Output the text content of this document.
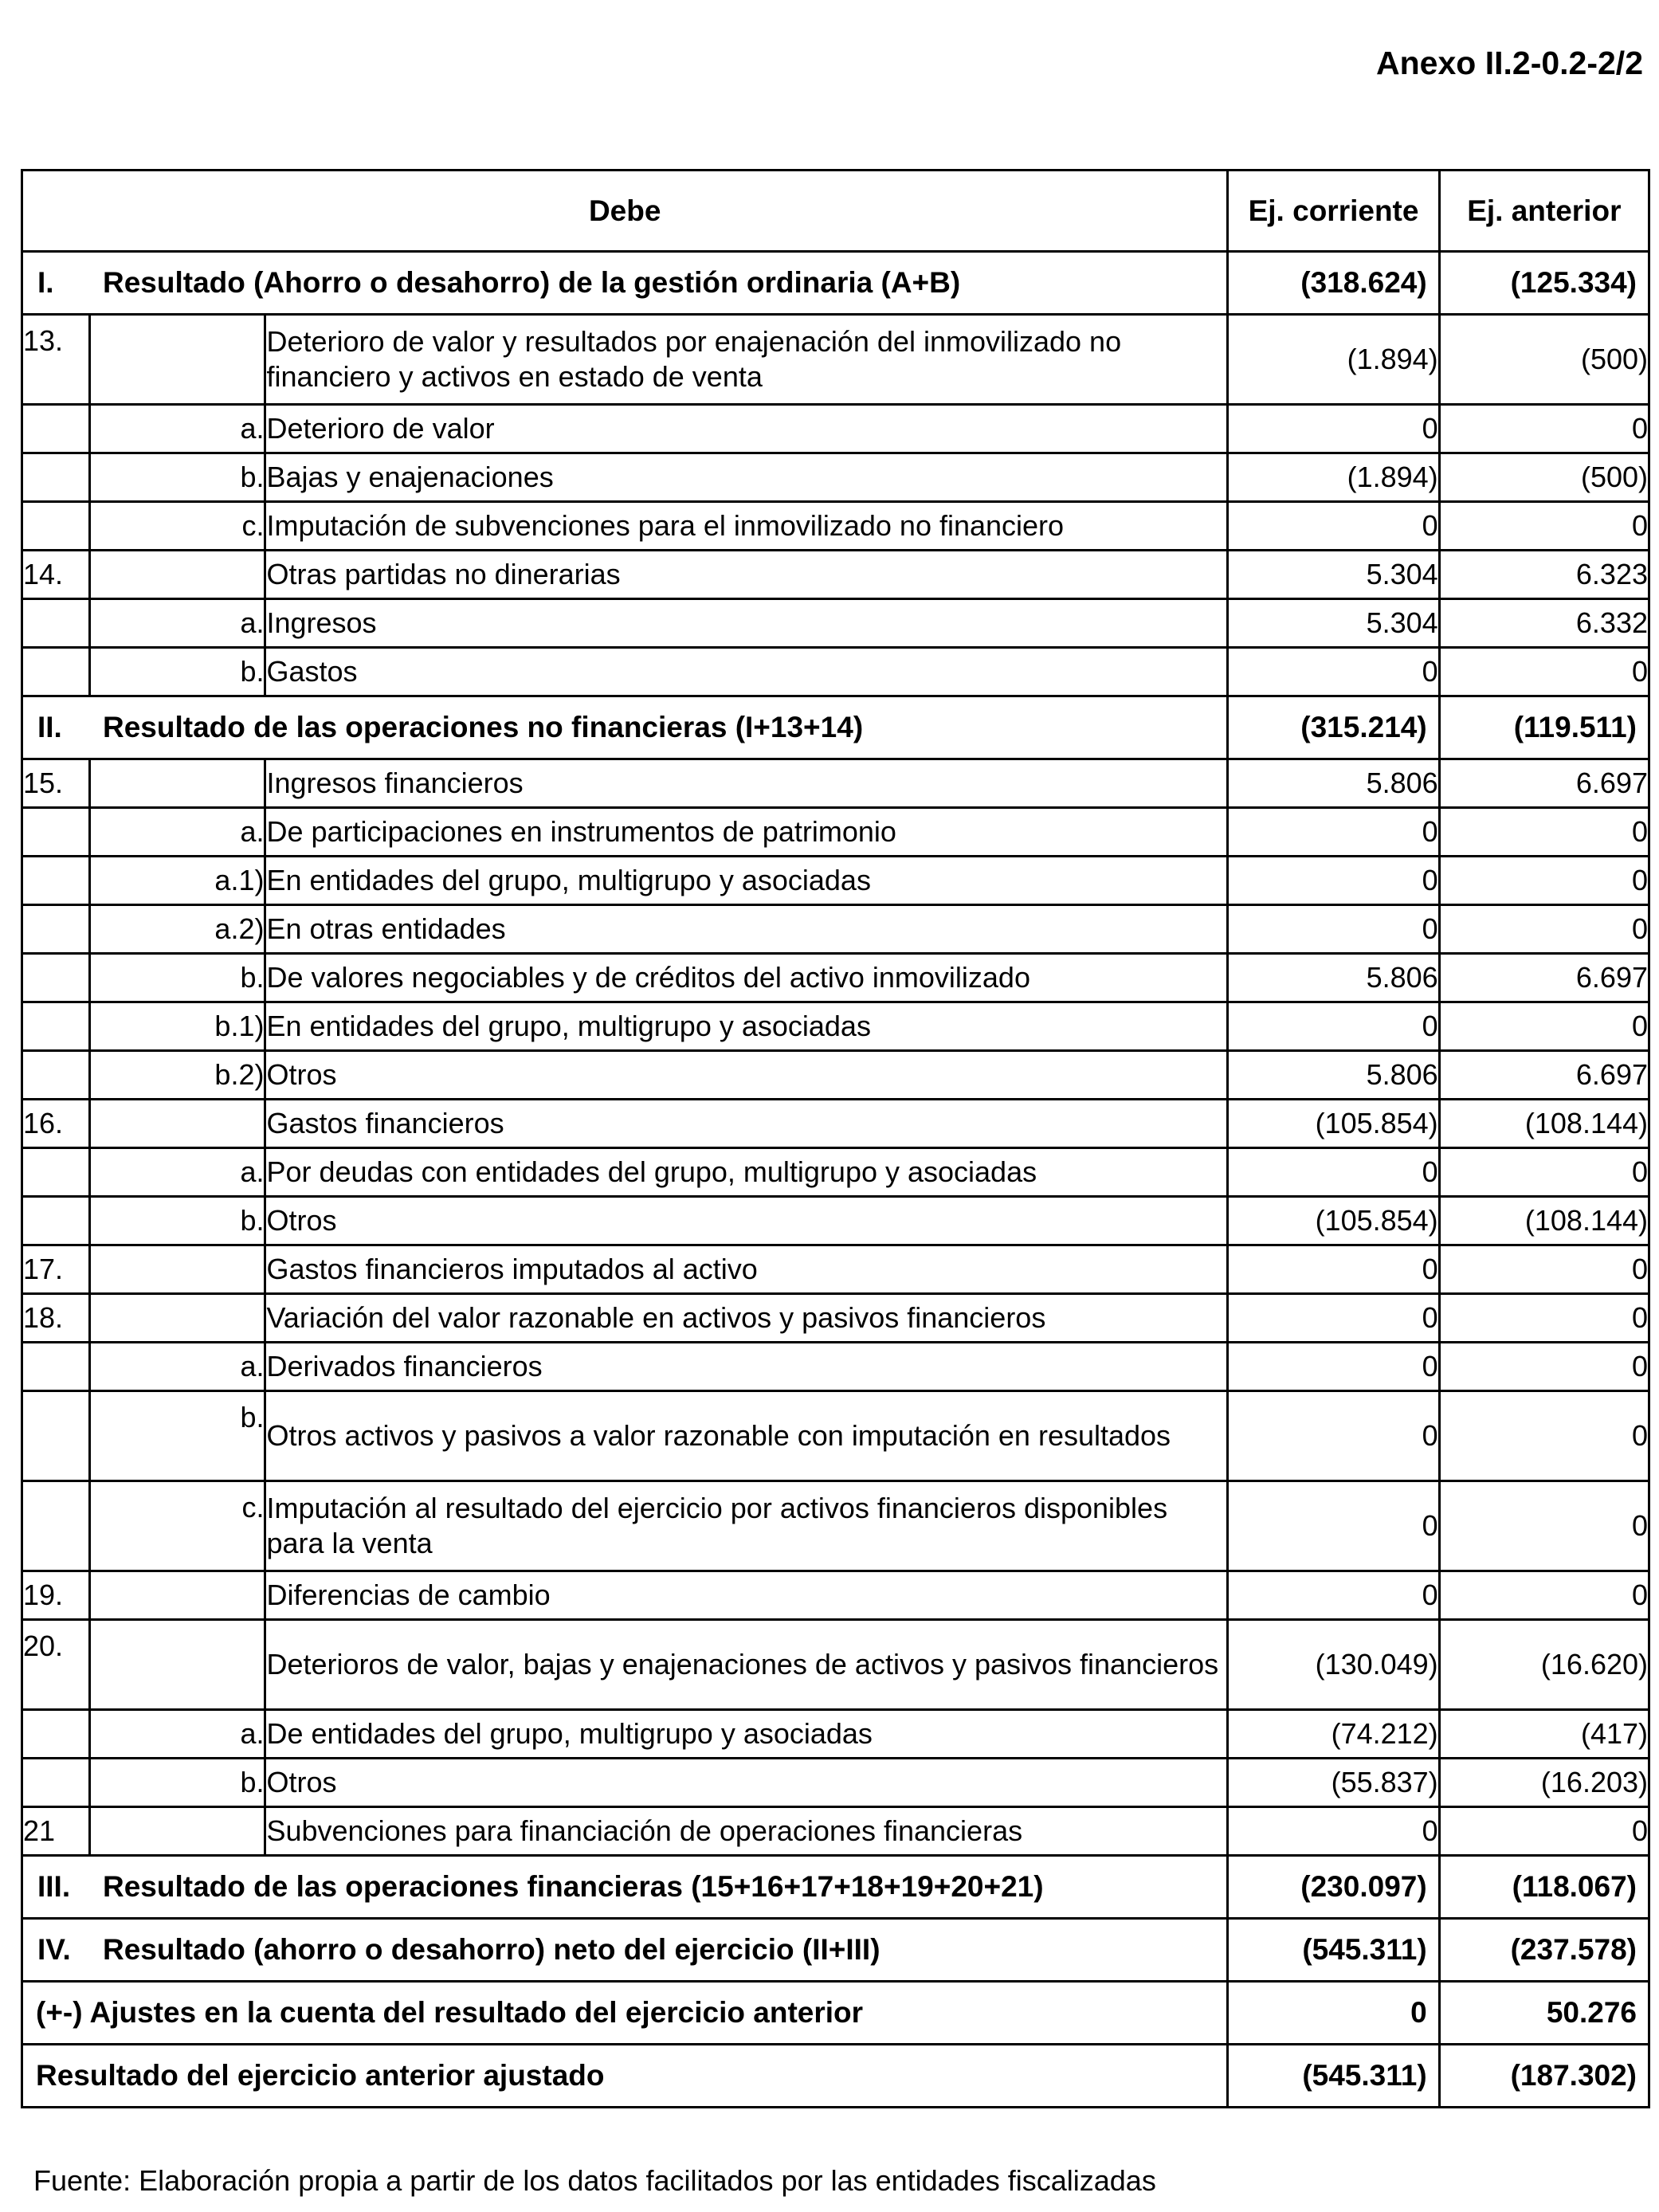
Anexo II.2-0.2-2/2
Debe			Ej. corriente	Ej. anterior
I. Resultado (Ahorro o desahorro) de la gestión ordinaria (A+B)			(318.624)	(125.334)
13.		Deterioro de valor y resultados por enajenación del inmovilizado no financiero y activos en estado de venta	(1.894)	(500)
	a.	Deterioro de valor	0	0
	b.	Bajas y enajenaciones	(1.894)	(500)
	c.	Imputación de subvenciones para el inmovilizado no financiero	0	0
14.		Otras partidas no dinerarias	5.304	6.323
	a.	Ingresos	5.304	6.332
	b.	Gastos	0	0
II. Resultado de las operaciones no financieras (I+13+14)			(315.214)	(119.511)
15.		Ingresos financieros	5.806	6.697
	a.	De participaciones en instrumentos de patrimonio	0	0
	a.1)	En entidades del grupo, multigrupo y asociadas	0	0
	a.2)	En otras entidades	0	0
	b.	De valores negociables y de créditos del activo inmovilizado	5.806	6.697
	b.1)	En entidades del grupo, multigrupo y asociadas	0	0
	b.2)	Otros	5.806	6.697
16.		Gastos financieros	(105.854)	(108.144)
	a.	Por deudas con entidades del grupo, multigrupo y asociadas	0	0
	b.	Otros	(105.854)	(108.144)
17.		Gastos financieros imputados al activo	0	0
18.		Variación del valor razonable en activos y pasivos financieros	0	0
	a.	Derivados financieros	0	0
	b.	Otros activos y pasivos a valor razonable con imputación en resultados	0	0
	c.	Imputación al resultado del ejercicio por activos financieros disponibles para la venta	0	0
19.		Diferencias de cambio	0	0
20.		Deterioros de valor, bajas y enajenaciones de activos y pasivos financieros	(130.049)	(16.620)
	a.	De entidades del grupo, multigrupo y asociadas	(74.212)	(417)
	b.	Otros	(55.837)	(16.203)
21		Subvenciones para financiación de operaciones financieras	0	0
III. Resultado de las operaciones financieras (15+16+17+18+19+20+21)			(230.097)	(118.067)
IV. Resultado (ahorro o desahorro) neto del ejercicio (II+III)			(545.311)	(237.578)
(+-) Ajustes en la cuenta del resultado del ejercicio anterior			0	50.276
Resultado del ejercicio anterior ajustado			(545.311)	(187.302)
Fuente: Elaboración propia a partir de los datos facilitados por las entidades fiscalizadas
